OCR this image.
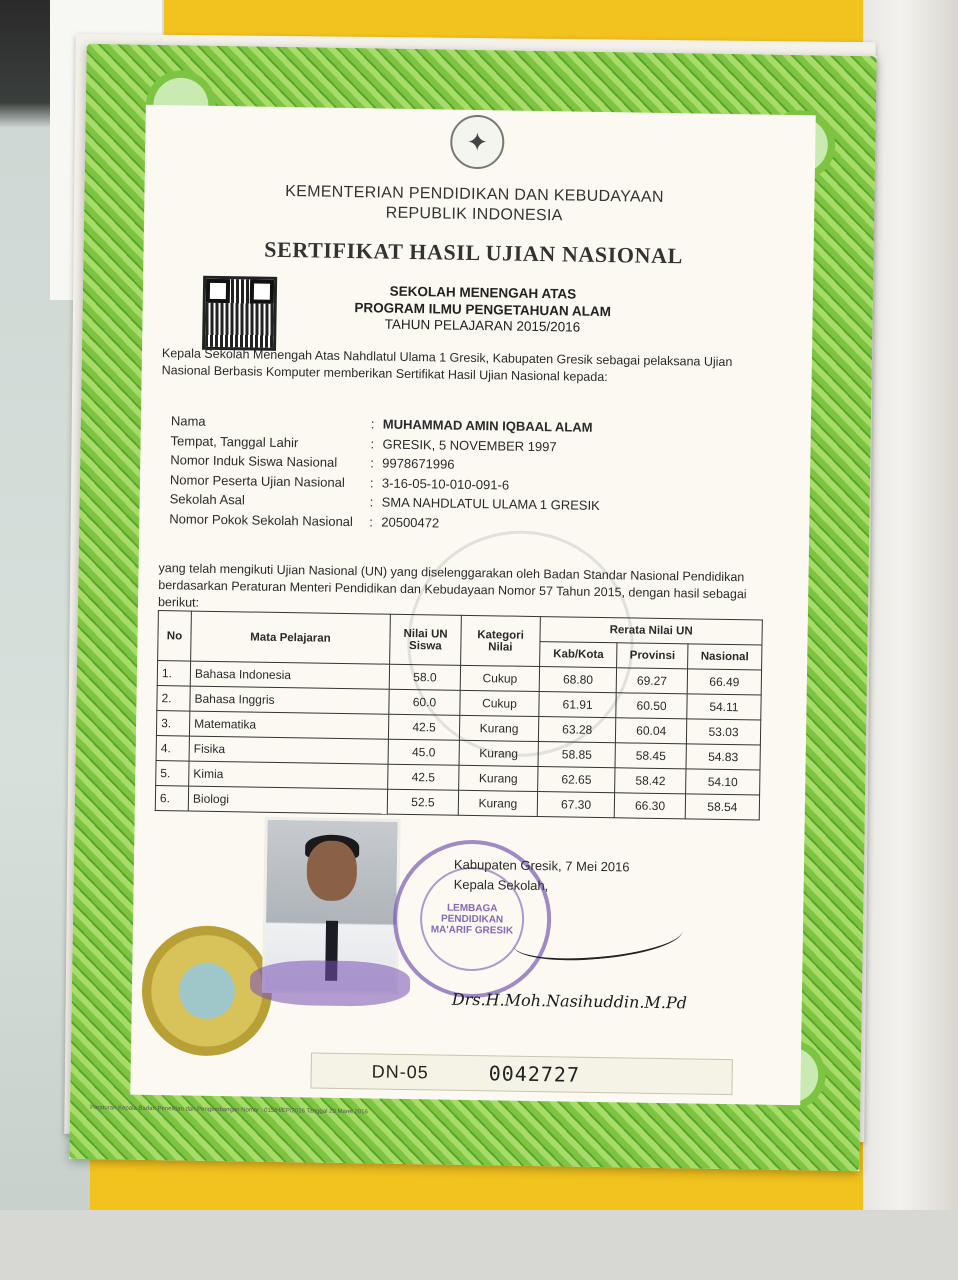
✦
KEMENTERIAN PENDIDIKAN DAN KEBUDAYAAN
REPUBLIK INDONESIA
SERTIFIKAT HASIL UJIAN NASIONAL
SEKOLAH MENENGAH ATAS
PROGRAM ILMU PENGETAHUAN ALAM
TAHUN PELAJARAN 2015/2016
Kepala Sekolah Menengah Atas Nahdlatul Ulama 1 Gresik, Kabupaten Gresik sebagai pelaksana Ujian Nasional Berbasis Komputer memberikan Sertifikat Hasil Ujian Nasional kepada:
Nama	: MUHAMMAD AMIN IQBAAL ALAM
Tempat, Tanggal Lahir	: GRESIK, 5 NOVEMBER 1997
Nomor Induk Siswa Nasional	: 9978671996
Nomor Peserta Ujian Nasional	: 3-16-05-10-010-091-6
Sekolah Asal	: SMA NAHDLATUL ULAMA 1 GRESIK
Nomor Pokok Sekolah Nasional	: 20500472
yang telah mengikuti Ujian Nasional (UN) yang diselenggarakan oleh Badan Standar Nasional Pendidikan berdasarkan Peraturan Menteri Pendidikan dan Kebudayaan Nomor 57 Tahun 2015, dengan hasil sebagai berikut:
No	Mata Pelajaran	Nilai UN Siswa	Kategori Nilai	Rerata Nilai UN		
				Kab/Kota	Provinsi	Nasional
1.	Bahasa Indonesia	58.0	Cukup	68.80	69.27	66.49
2.	Bahasa Inggris	60.0	Cukup	61.91	60.50	54.11
3.	Matematika	42.5	Kurang	63.28	60.04	53.03
4.	Fisika	45.0	Kurang	58.85	58.45	54.83
5.	Kimia	42.5	Kurang	62.65	58.42	54.10
6.	Biologi	52.5	Kurang	67.30	66.30	58.54
LEMBAGA PENDIDIKAN MA'ARIF GRESIK
Kabupaten Gresik, 7 Mei 2016
Kepala Sekolah,
Drs.H.Moh.Nasihuddin.M.Pd
DN-05	0042727
Peraturan Kepala Badan Penelitian dan Pengembangan Nomor : 015/H/EP/2016 Tanggal 29 Maret 2016
